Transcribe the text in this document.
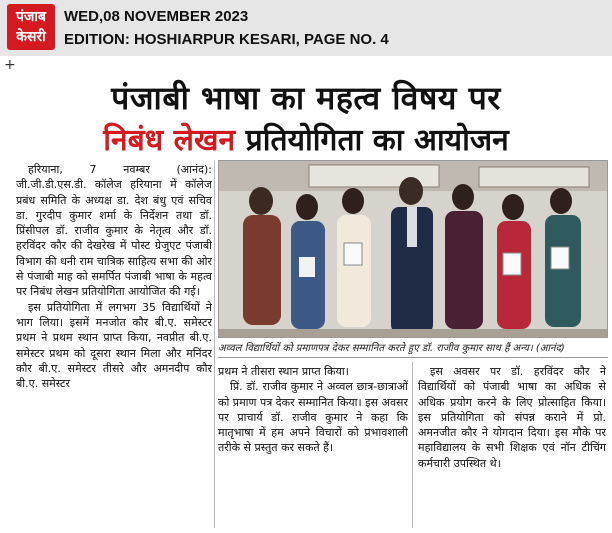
पंजाब
केसरी
WED,08 NOVEMBER 2023
EDITION: HOSHIARPUR KESARI, PAGE NO. 4
+
पंजाबी भाषा का महत्व विषय पर
निबंध लेखन प्रतियोगिता का आयोजन

हरियाना, 7 नवम्बर (आनंद): जी.जी.डी.एस.डी. कॉलेज हरियाना में कॉलेज प्रबंध समिति के अध्यक्ष डा. देश बंधु एवं सचिव डा. गुरदीप कुमार शर्मा के निर्देशन तथा डॉ. प्रिंसीपल डॉ. राजीव कुमार के नेतृत्व और डॉ. हरविंदर कौर की देखरेख में पोस्ट ग्रेजुएट पंजाबी विभाग की धनी राम चात्रिक साहित्य सभा की ओर से पंजाबी माह को समर्पित पंजाबी भाषा के महत्व पर निबंध लेखन प्रतियोगिता आयोजित की गई।

इस प्रतियोगिता में लगभग 35 विद्यार्थियों ने भाग लिया। इसमें मनजोत कौर बी.ए. समेस्टर प्रथम ने प्रथम स्थान प्राप्त किया, नवप्रीत बी.ए. समेस्टर प्रथम को दूसरा स्थान मिला और मनिंदर कौर बी.ए. समेस्टर तीसरे और अमनदीप कौर बी.ए. समेस्टर

अव्वल विद्यार्थियों को प्रमाणपत्र देकर सम्मानित करते हुए डॉ. राजीव कुमार साथ हैं अन्य। (आनंद)

प्रथम ने तीसरा स्थान प्राप्त किया।

प्रिं. डॉ. राजीव कुमार ने अव्वल छात्र-छात्राओं को प्रमाण पत्र देकर सम्मानित किया। इस अवसर पर प्राचार्य डॉ. राजीव कुमार ने कहा कि मातृभाषा में हम अपने विचारों को प्रभावशाली तरीके से प्रस्तुत कर सकते हैं।

इस अवसर पर डॉ. हरविंदर कौर ने विद्यार्थियों को पंजाबी भाषा का अधिक से अधिक प्रयोग करने के लिए प्रोत्साहित किया। इस प्रतियोगिता को संपन्न कराने में प्रो. अमनजीत कौर ने योगदान दिया। इस मौके पर महाविद्यालय के सभी शिक्षक एवं नॉन टीचिंग कर्मचारी उपस्थित थे।
